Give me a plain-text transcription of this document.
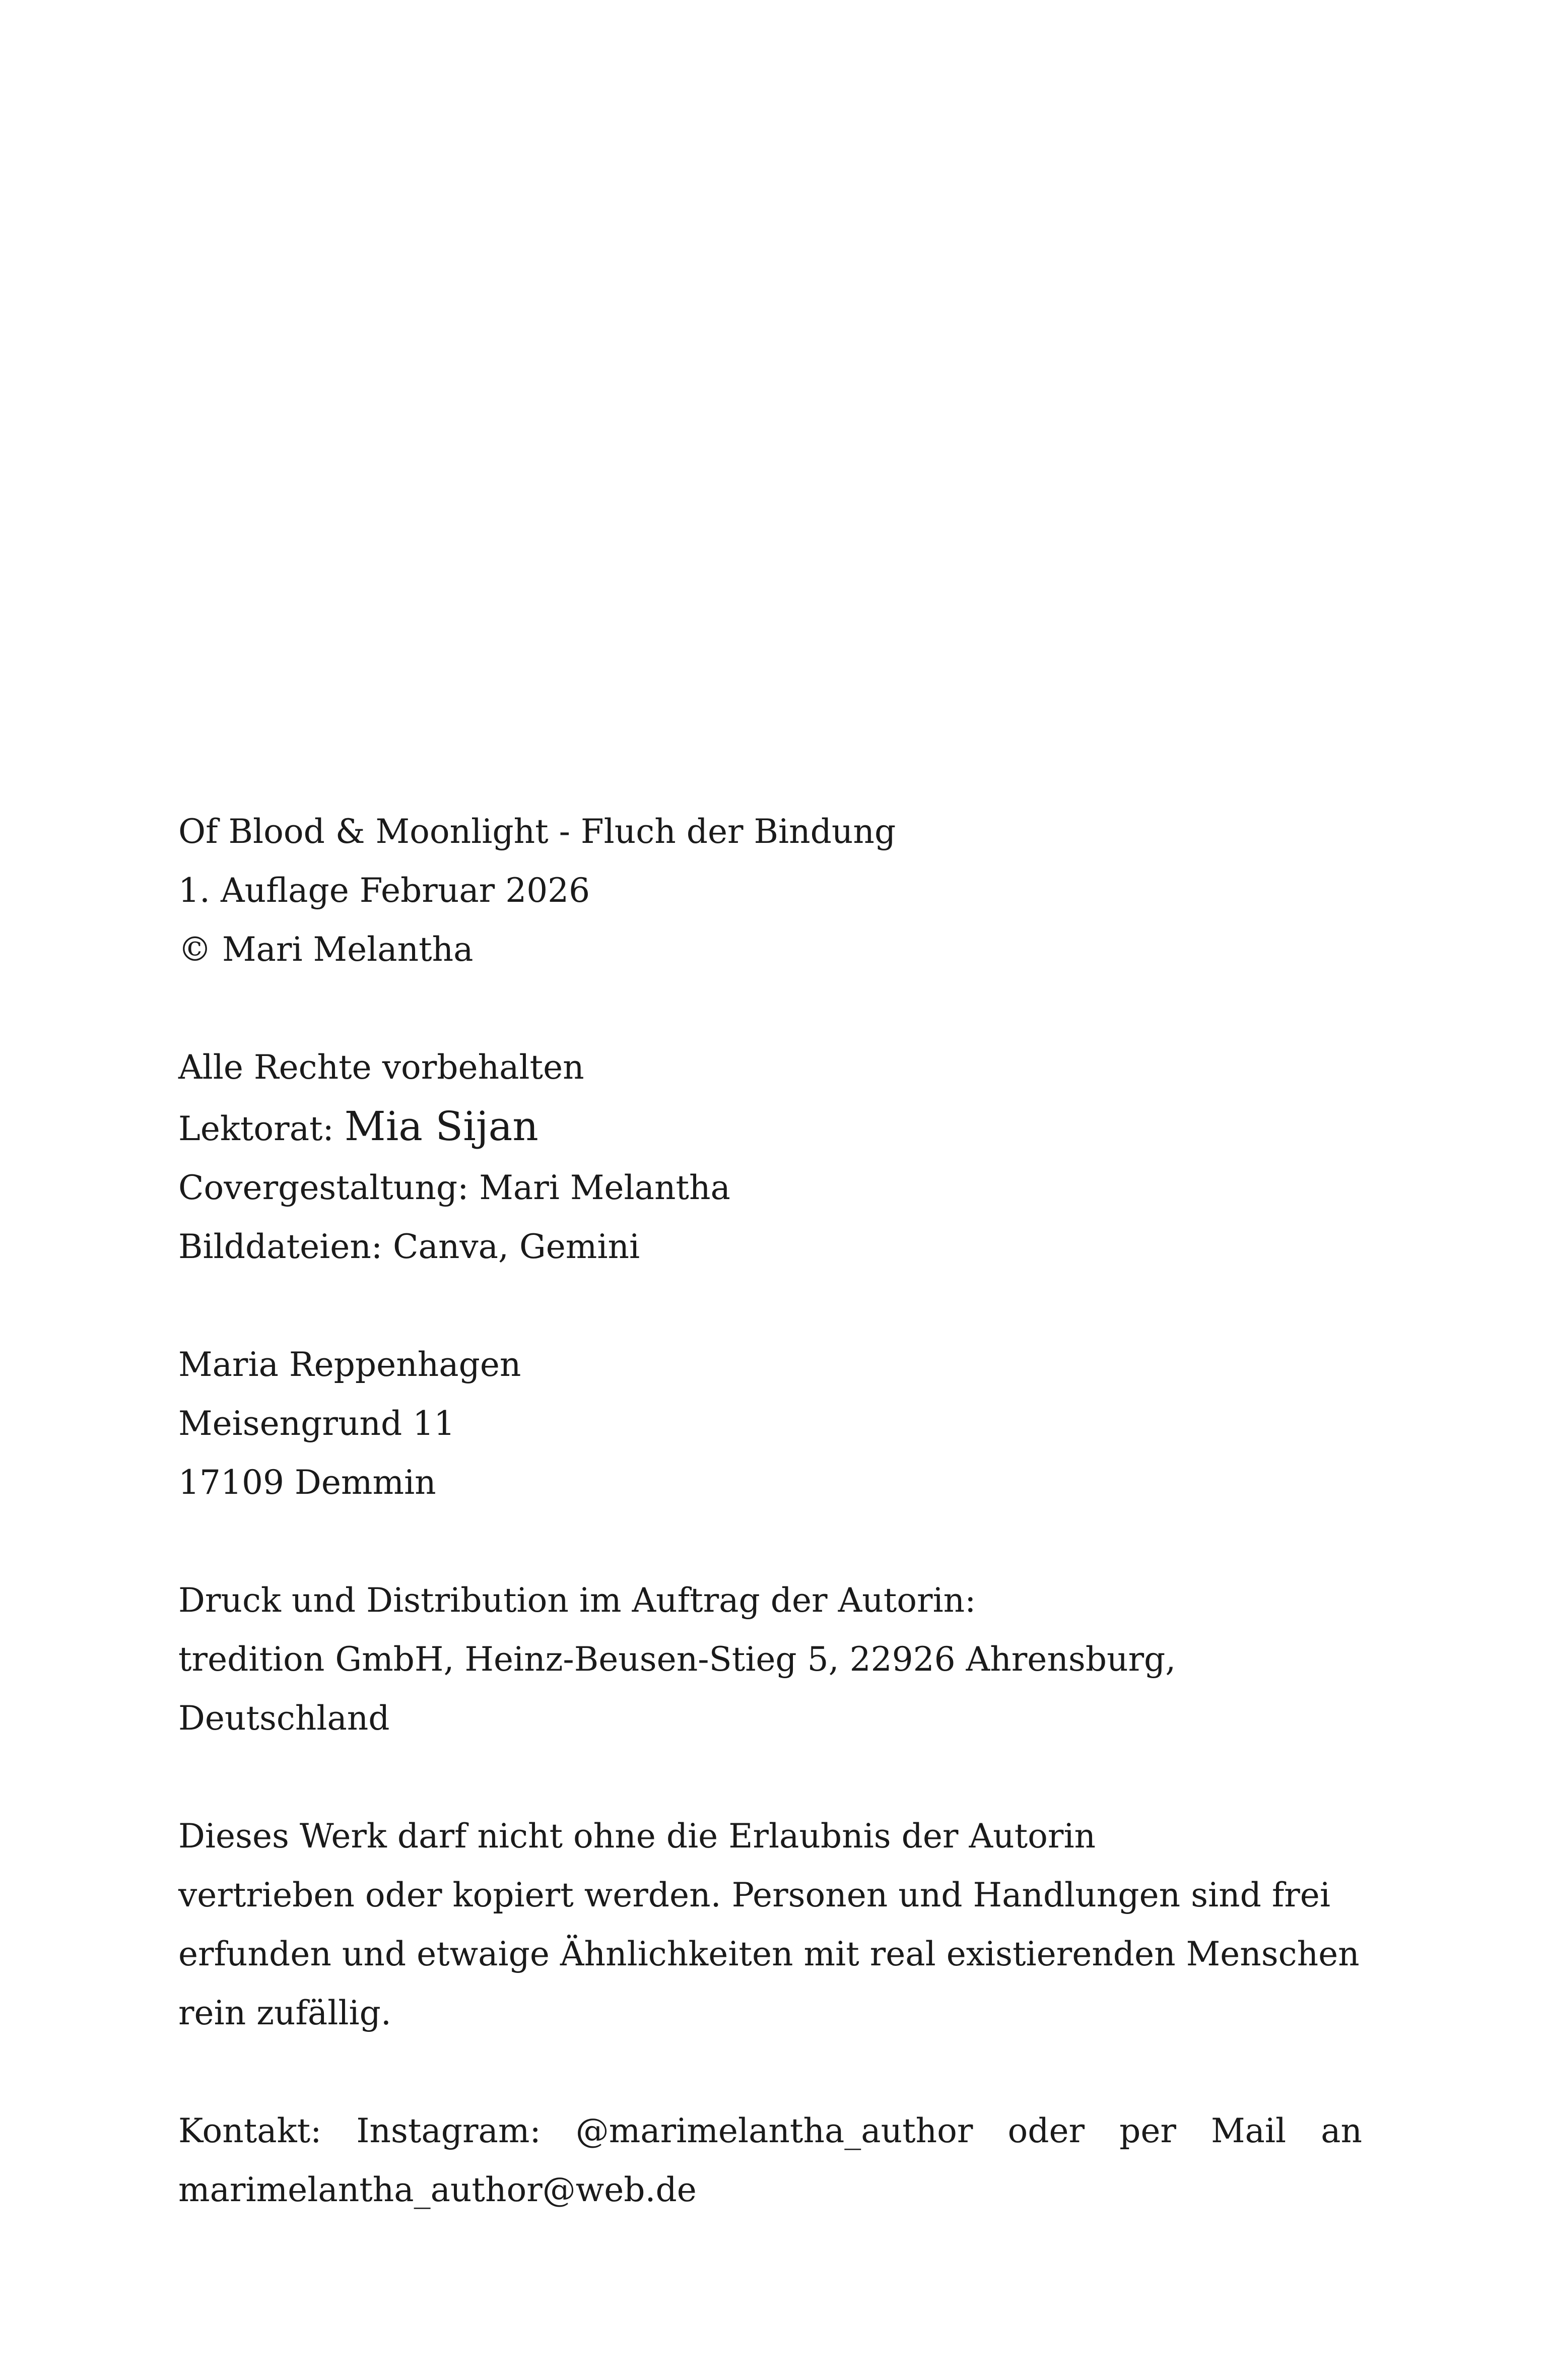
Of Blood & Moonlight - Fluch der Bindung
1. Auflage Februar 2026
© Mari Melantha
Alle Rechte vorbehalten
Lektorat: Mia Sijan
Covergestaltung: Mari Melantha
Bilddateien: Canva, Gemini
Maria Reppenhagen
Meisengrund 11
17109 Demmin
Druck und Distribution im Auftrag der Autorin:
tredition GmbH, Heinz-Beusen-Stieg 5, 22926 Ahrensburg,
Deutschland
Dieses Werk darf nicht ohne die Erlaubnis der Autorin
vertrieben oder kopiert werden. Personen und Handlungen sind frei
erfunden und etwaige Ähnlichkeiten mit real existierenden Menschen
rein zufällig.
Kontakt: Instagram: @marimelantha_author oder per Mail an
marimelantha_author@web.de
